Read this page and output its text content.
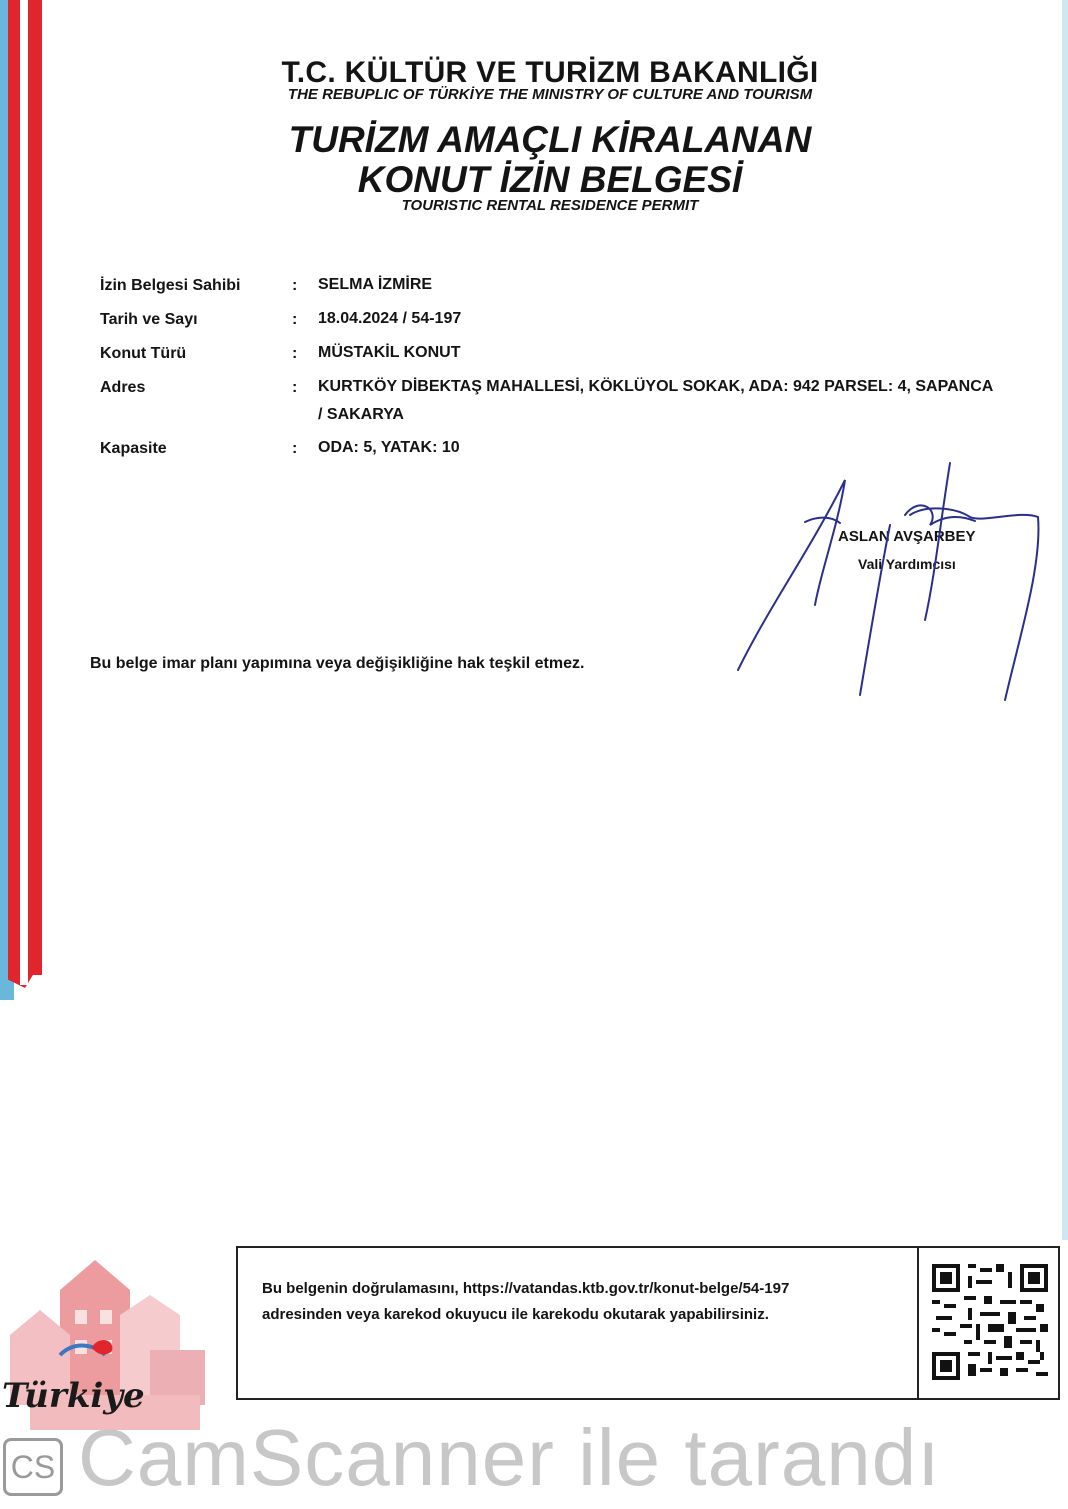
T.C. KÜLTÜR VE TURİZM BAKANLIĞI
THE REBUPLIC OF TÜRKİYE THE MINISTRY OF CULTURE AND TOURISM
TURİZM AMAÇLI KİRALANAN
KONUT İZİN BELGESİ
TOURISTIC RENTAL RESIDENCE PERMIT
İzin Belgesi Sahibi	: SELMA İZMİRE
Tarih ve Sayı	: 18.04.2024 / 54-197
Konut Türü	: MÜSTAKİL KONUT
Adres	: KURTKÖY DİBEKTAŞ MAHALLESİ, KÖKLÜYOL SOKAK, ADA: 942 PARSEL: 4, SAPANCA / SAKARYA
Kapasite	: ODA: 5, YATAK: 10
ASLAN AVŞARBEY
Vali Yardımcısı
Bu belge imar planı yapımına veya değişikliğine hak teşkil etmez.
Bu belgenin doğrulamasını, https://vatandas.ktb.gov.tr/konut-belge/54-197
adresinden veya karekod okuyucu ile karekodu okutarak yapabilirsiniz.
Türkiye
CamScanner ile tarandı
CS
